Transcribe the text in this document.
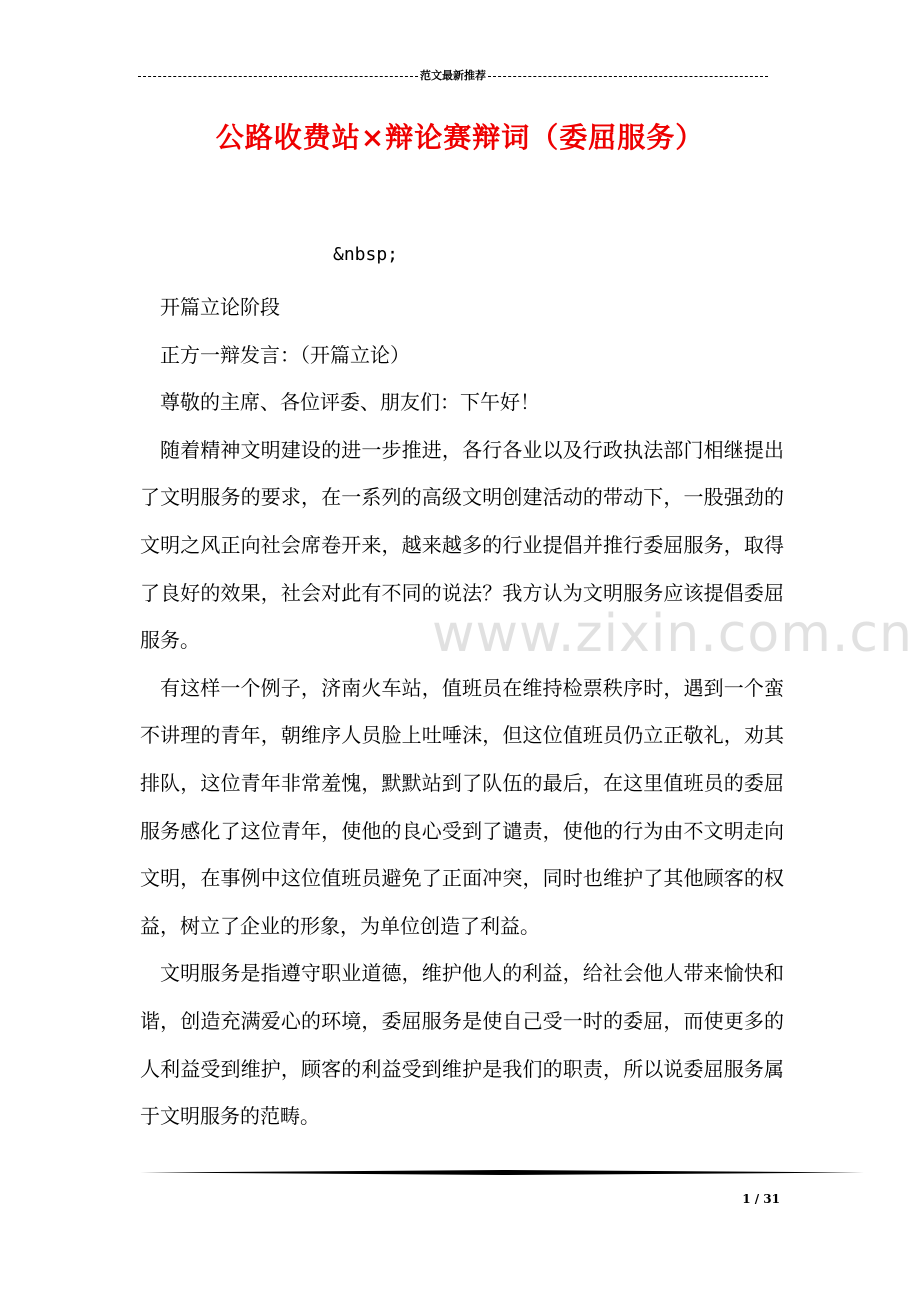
范文最新推荐
公路收费站×辩论赛辩词（委屈服务）
&nbsp;

开篇立论阶段

正方一辩发言：（开篇立论）

尊敬的主席、各位评委、朋友们：下午好！

随着精神文明建设的进一步推进，各行各业以及行政执法部门相继提出了文明服务的要求，在一系列的高级文明创建活动的带动下，一股强劲的文明之风正向社会席卷开来，越来越多的行业提倡并推行委屈服务，取得了良好的效果，社会对此有不同的说法？我方认为文明服务应该提倡委屈服务。

有这样一个例子，济南火车站，值班员在维持检票秩序时，遇到一个蛮不讲理的青年，朝维序人员脸上吐唾沫，但这位值班员仍立正敬礼，劝其排队，这位青年非常羞愧，默默站到了队伍的最后，在这里值班员的委屈服务感化了这位青年，使他的良心受到了谴责，使他的行为由不文明走向文明，在事例中这位值班员避免了正面冲突，同时也维护了其他顾客的权益，树立了企业的形象，为单位创造了利益。

文明服务是指遵守职业道德，维护他人的利益，给社会他人带来愉快和谐，创造充满爱心的环境，委屈服务是使自己受一时的委屈，而使更多的人利益受到维护，顾客的利益受到维护是我们的职责，所以说委屈服务属于文明服务的范畴。

www.zixin.com.cn
1 / 31
